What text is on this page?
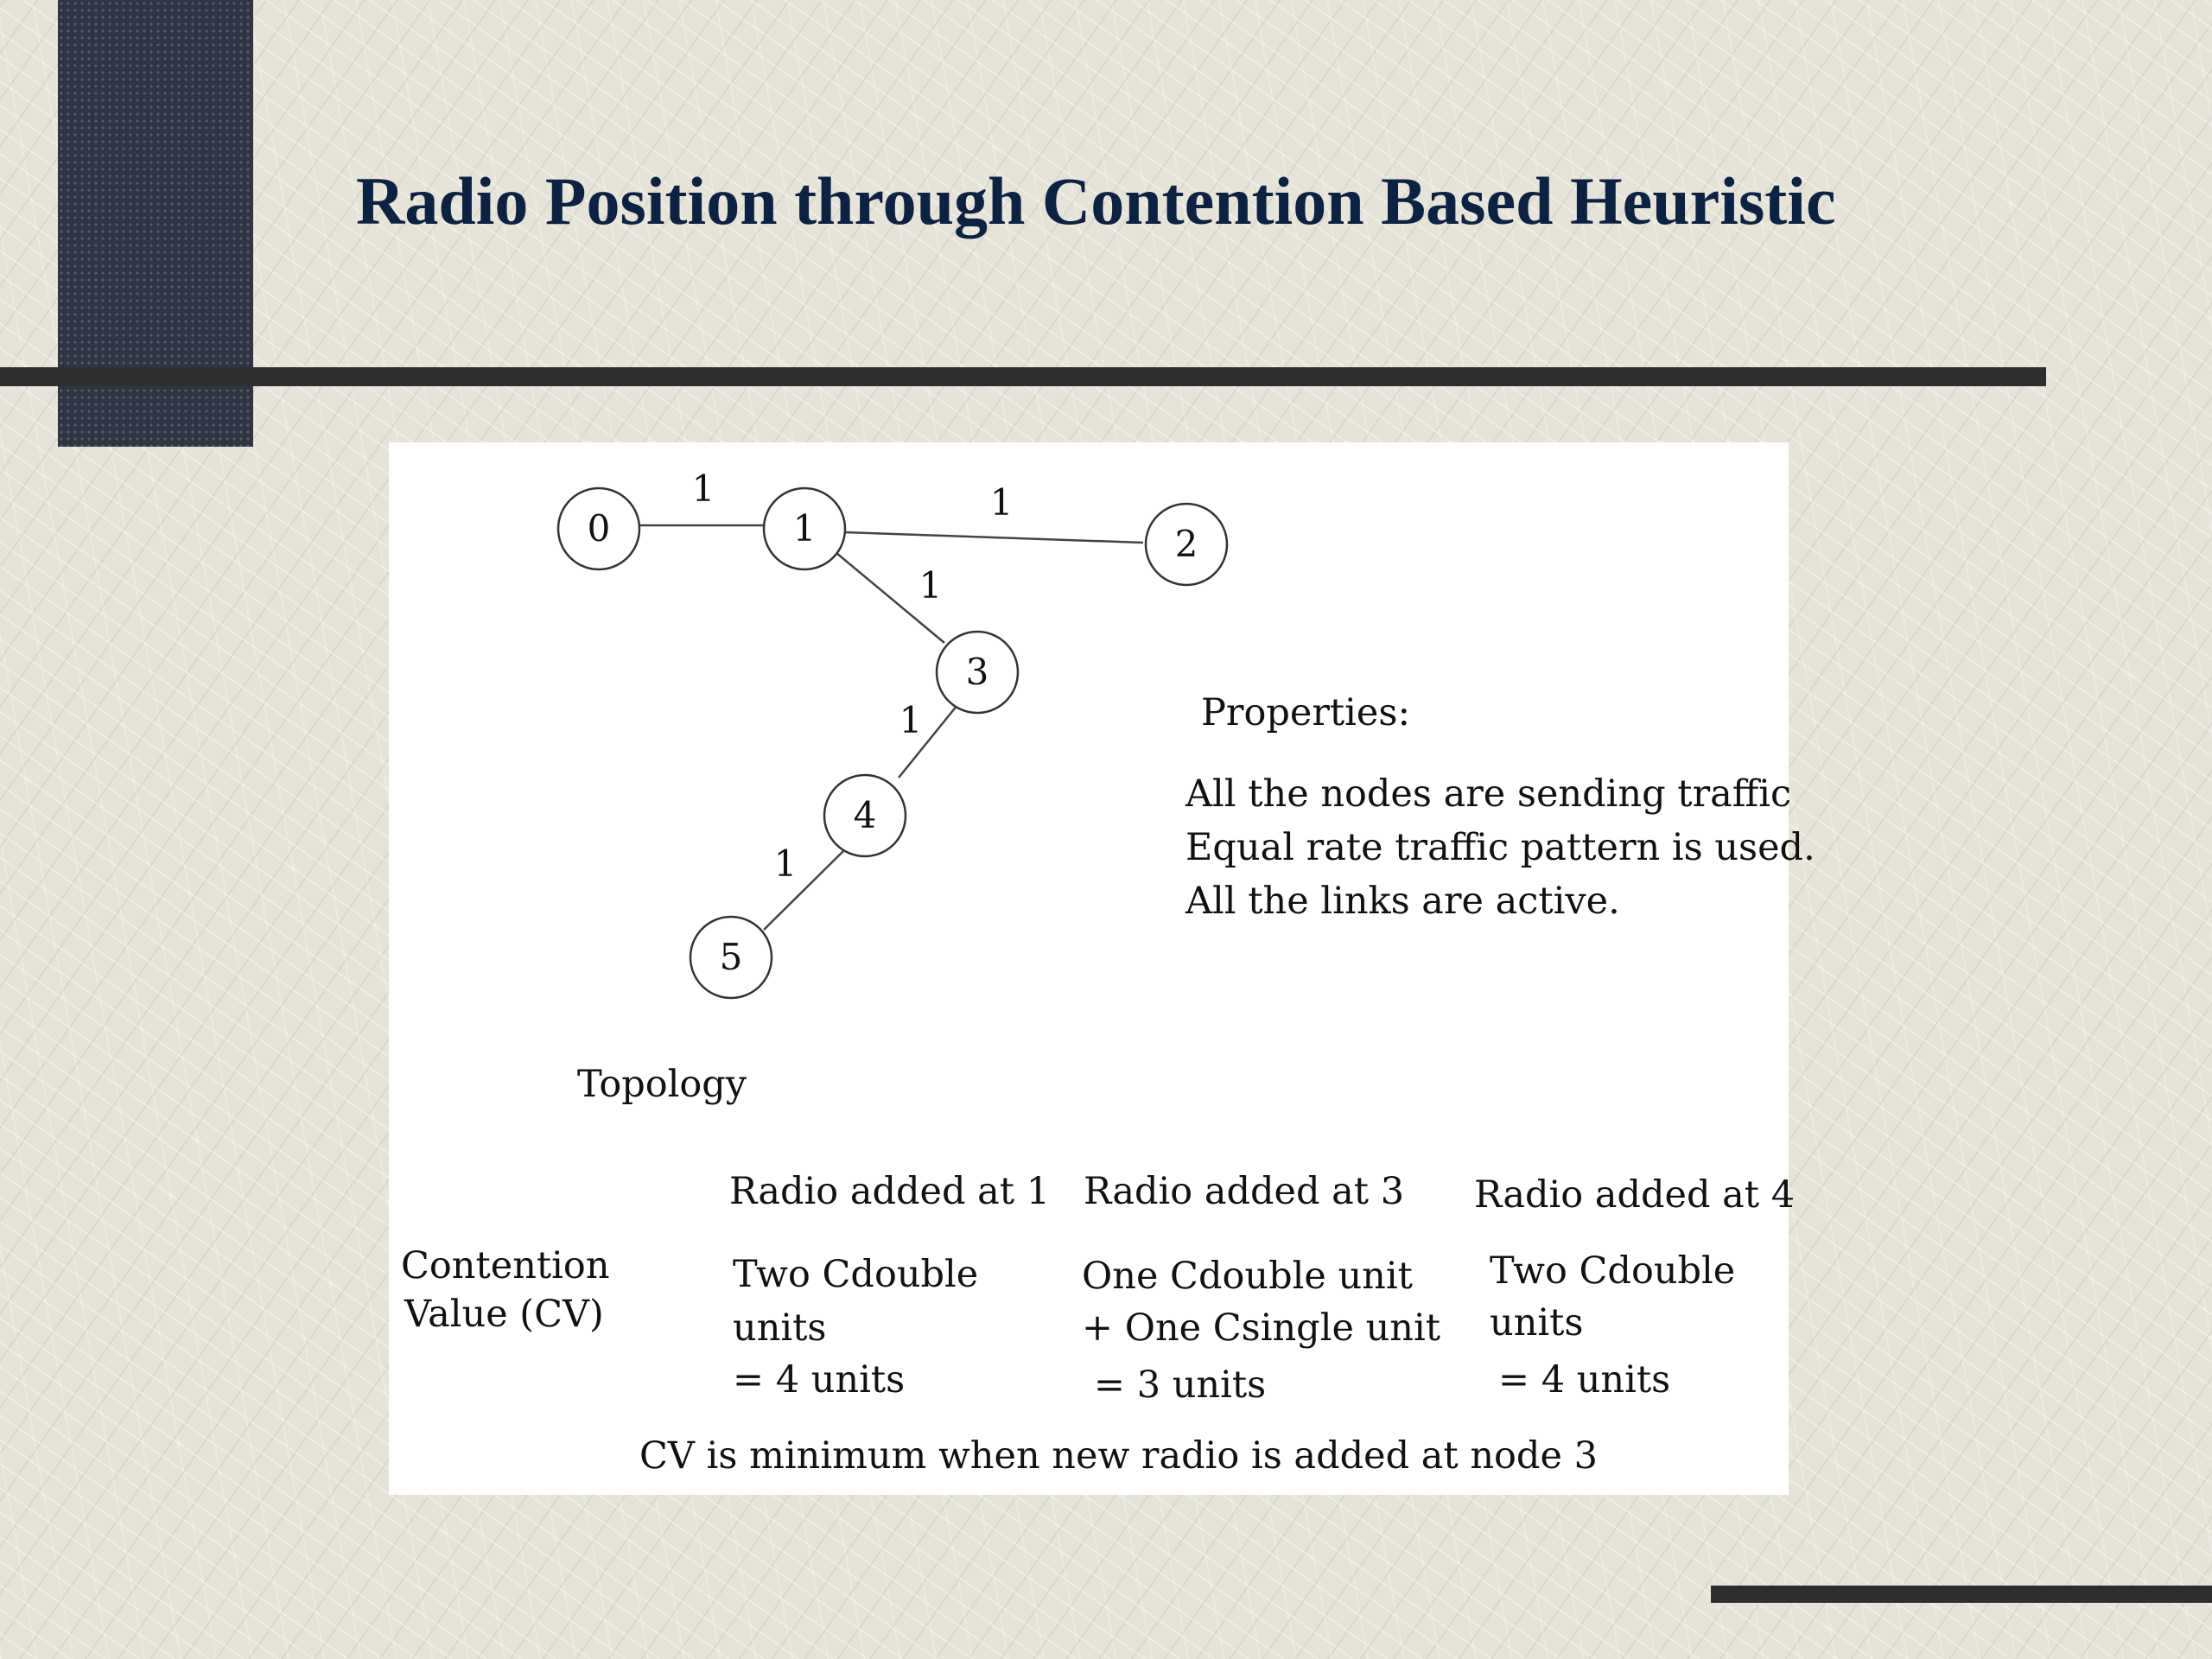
Radio Position through Contention Based Heuristic
0	1	2
3
4
5
1	1
1
1
1
Properties:
All the nodes are sending traffic
Equal rate traffic pattern is used.
All the links are active.
Topology
Radio added at 1 Radio added at 3 Radio added at 4
Contention
Value (CV)
Two Cdouble
units
= 4 units
One Cdouble unit
+ One Csingle unit
= 3 units
Two Cdouble
units
= 4 units
CV is minimum when new radio is added at node 3
